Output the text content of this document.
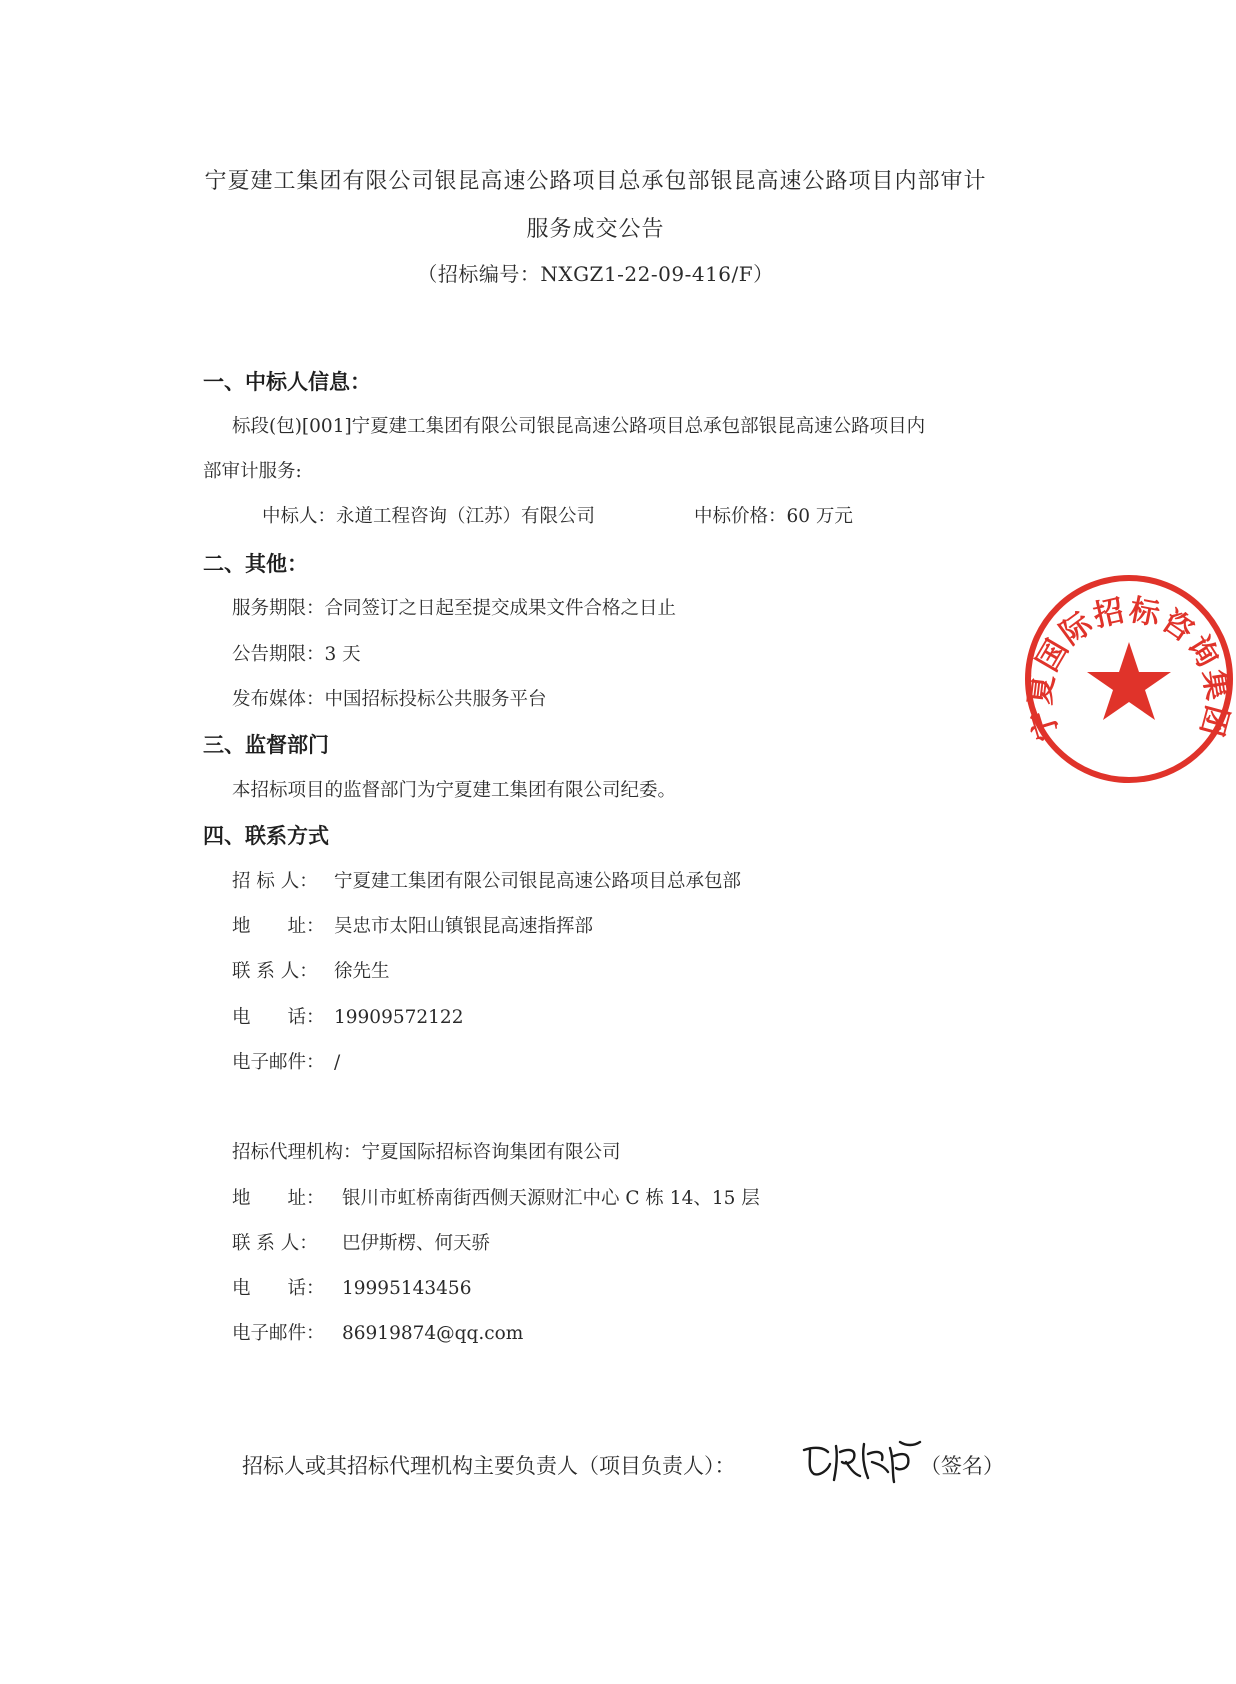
宁夏建工集团有限公司银昆高速公路项目总承包部银昆高速公路项目内部审计
服务成交公告
（招标编号：NXGZ1-22-09-416/F）
一、中标人信息：
标段(包)[001]宁夏建工集团有限公司银昆高速公路项目总承包部银昆高速公路项目内
部审计服务:
中标人：永道工程咨询（江苏）有限公司	中标价格：60 万元
二、其他：
服务期限：合同签订之日起至提交成果文件合格之日止
公告期限：3 天
发布媒体：中国招标投标公共服务平台
三、监督部门
本招标项目的监督部门为宁夏建工集团有限公司纪委。
四、联系方式
招 标 人： 宁夏建工集团有限公司银昆高速公路项目总承包部
地　　址： 吴忠市太阳山镇银昆高速指挥部
联 系 人： 徐先生
电　　话： 19909572122
电子邮件： /
招标代理机构：宁夏国际招标咨询集团有限公司
地　　址： 银川市虹桥南街西侧天源财汇中心 C 栋 14、15 层
联 系 人： 巴伊斯楞、何天骄
电　　话： 19995143456
电子邮件： 86919874@qq.com
招标人或其招标代理机构主要负责人（项目负责人）：	（签名）
宁夏国际招标咨询集团
